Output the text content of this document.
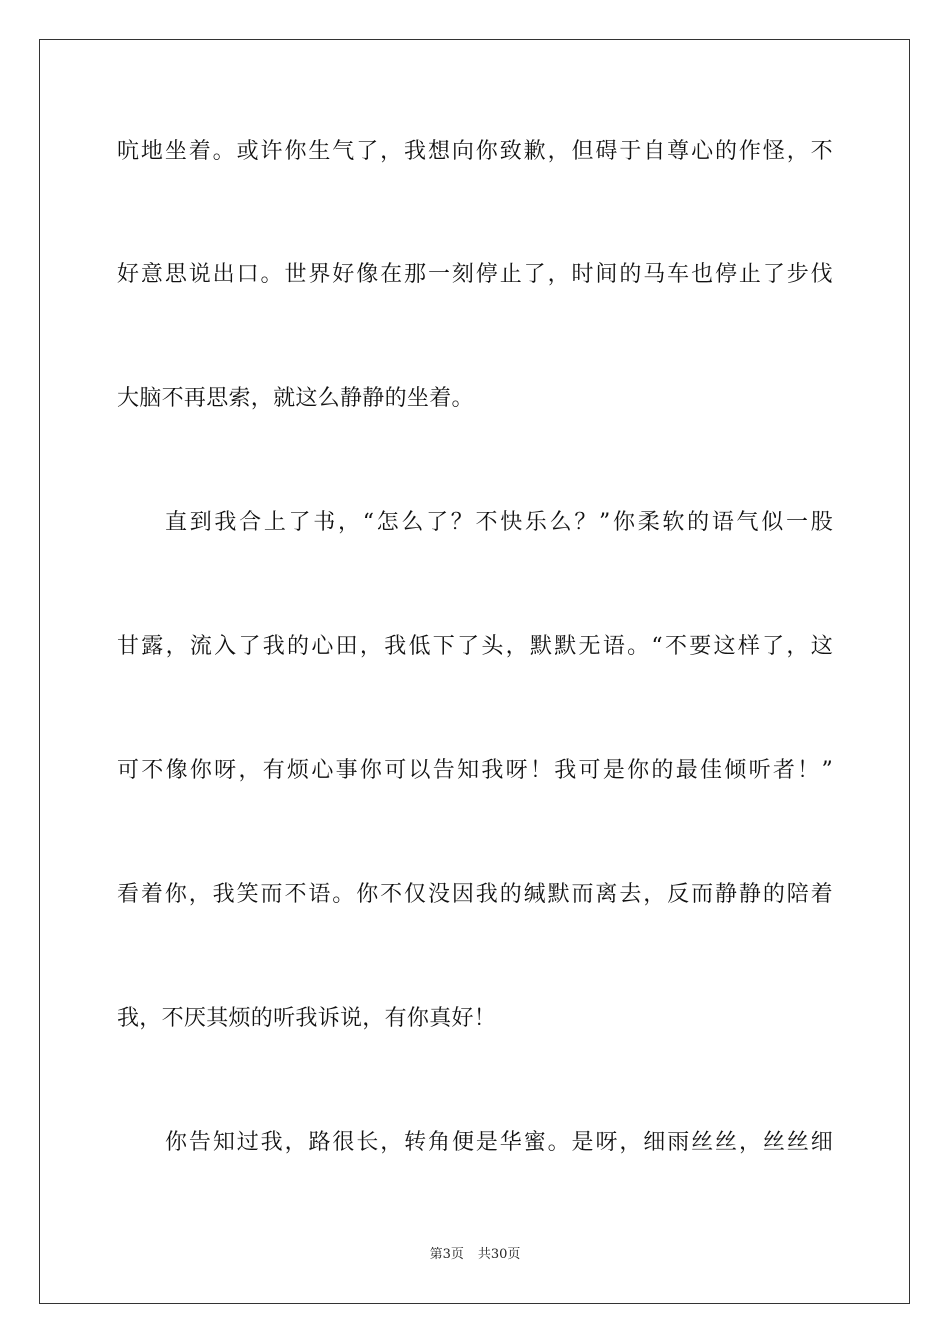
吭地坐着。或许你生气了，我想向你致歉，但碍于自尊心的作怪，不
好意思说出口。世界好像在那一刻停止了，时间的马车也停止了步伐
大脑不再思索，就这么静静的坐着。
直到我合上了书，“怎么了？不快乐么？”你柔软的语气似一股
甘露，流入了我的心田，我低下了头，默默无语。“不要这样了，这
可不像你呀，有烦心事你可以告知我呀！我可是你的最佳倾听者！”
看着你，我笑而不语。你不仅没因我的缄默而离去，反而静静的陪着
我，不厌其烦的听我诉说，有你真好！
你告知过我，路很长，转角便是华蜜。是呀，细雨丝丝，丝丝细
第3页 共30页
